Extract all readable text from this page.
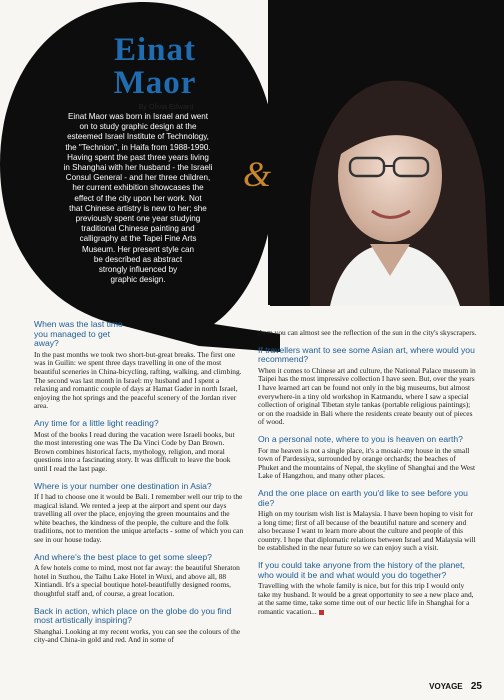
&
Einat
Maor
By Olivia Edward
Einat Maor was born in Israel and went
on to study graphic design at the
esteemed Israel Institute of Technology,
the "Technion", in Haifa from 1988-1990.
Having spent the past three years living
in Shanghai with her husband - the Israeli
Consul General - and her three children,
her current exhibition showcases the
effect of the city upon her work. Not
that Chinese artistry is new to her; she
previously spent one year studying
traditional Chinese painting and
calligraphy at the Tapei Fine Arts
Museum. Her present style can
be described as abstract
strongly influenced by
graphic design.
When was the last time you managed to get away?

In the past months we took two short-but-great breaks. The first one was in Guilin: we spent three days travelling in one of the most beautiful sceneries in China-bicycling, rafting, walking, and climbing. The second was last month in Israel: my husband and I spent a relaxing and romantic couple of days at Hamat Gader in north Israel, enjoying the hot springs and the peaceful scenery of the Jordan river area.

Any time for a little light reading?

Most of the books I read during the vacation were Israeli books, but the most interesting one was The Da Vinci Code by Dan Brown. Brown combines historical facts, mythology, religion, and moral questions into a fascinating story. It was difficult to leave the book until I read the last page.

Where is your number one destination in Asia?

If I had to choose one it would be Bali. I remember well our trip to the magical island. We rented a jeep at the airport and spent our days travelling all over the place, enjoying the green mountains and the white beaches, the kindness of the people, the culture and the folk traditions, not to mention the unique artefacts - some of which you can see in our house today.

And where's the best place to get some sleep?

A few hotels come to mind, most not far away: the beautiful Sheraton hotel in Suzhou, the Taihu Lake Hotel in Wuxi, and above all, 88 Xintiandi. It's a special boutique hotel-beautifully designed rooms, thoughtful staff and, of course, a great location.

Back in action, which place on the globe do you find most artistically inspiring?

Shanghai. Looking at my recent works, you can see the colours of the city-and China-in gold and red. And in some of

them you can almost see the reflection of the sun in the city's skyscrapers.

If travellers want to see some Asian art, where would you recommend?

When it comes to Chinese art and culture, the National Palace museum in Taipei has the most impressive collection I have seen. But, over the years I have learned art can be found not only in the big museums, but almost everywhere-in a tiny old workshop in Katmandu, where I saw a special collection of original Tibetan style tankas (portable religious paintings); or on the roadside in Bali where the residents create beauty out of pieces of wood.

On a personal note, where to you is heaven on earth?

For me heaven is not a single place, it's a mosaic-my house in the small town of Pardessiya, surrounded by orange orchards; the beaches of Phuket and the mountains of Nepal, the skyline of Shanghai and the West Lake of Hangzhou, and many other places.

And the one place on earth you'd like to see before you die?

High on my tourism wish list is Malaysia. I have been hoping to visit for a long time; first of all because of the beautiful nature and scenery and also because I want to learn more about the culture and people of this country. I hope that diplomatic relations between Israel and Malaysia will be established in the near future so we can enjoy such a visit.

If you could take anyone from the history of the planet, who would it be and what would you do together?

Travelling with the whole family is nice, but for this trip I would only take my husband. It would be a great opportunity to see a new place and, at the same time, take some time out of our hectic life in Shanghai for a romantic vacation...

VOYAGE 25
